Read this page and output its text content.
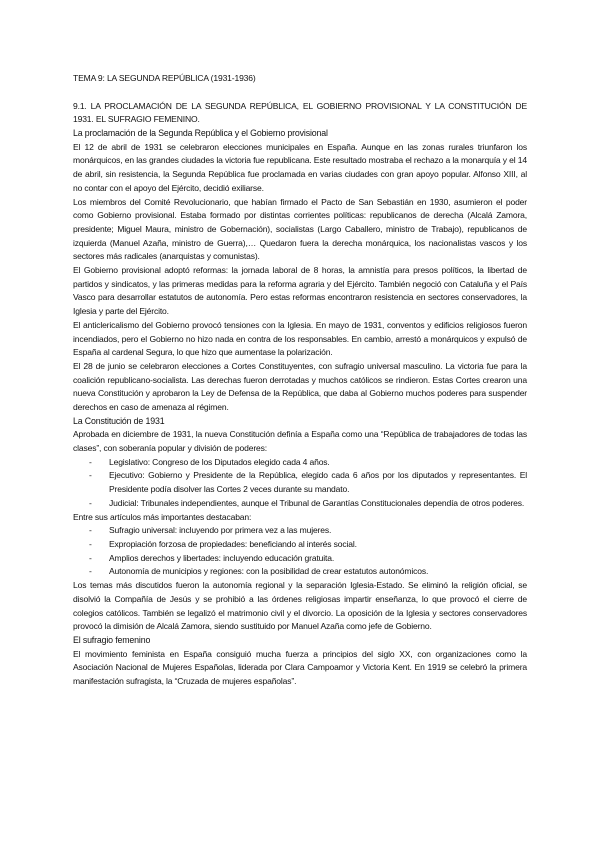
TEMA 9: LA SEGUNDA REPÚBLICA (1931-1936)

9.1. LA PROCLAMACIÓN DE LA SEGUNDA REPÚBLICA, EL GOBIERNO PROVISIONAL Y LA CONSTITUCIÓN DE 1931. EL SUFRAGIO FEMENINO.

La proclamación de la Segunda República y el Gobierno provisional

El 12 de abril de 1931 se celebraron elecciones municipales en España. Aunque en las zonas rurales triunfaron los monárquicos, en las grandes ciudades la victoria fue republicana. Este resultado mostraba el rechazo a la monarquía y el 14 de abril, sin resistencia, la Segunda República fue proclamada en varias ciudades con gran apoyo popular. Alfonso XIII, al no contar con el apoyo del Ejército, decidió exiliarse.

Los miembros del Comité Revolucionario, que habían firmado el Pacto de San Sebastián en 1930, asumieron el poder como Gobierno provisional. Estaba formado por distintas corrientes políticas: republicanos de derecha (Alcalá Zamora, presidente; Miguel Maura, ministro de Gobernación), socialistas (Largo Caballero, ministro de Trabajo), republicanos de izquierda (Manuel Azaña, ministro de Guerra),… Quedaron fuera la derecha monárquica, los nacionalistas vascos y los sectores más radicales (anarquistas y comunistas).

El Gobierno provisional adoptó reformas: la jornada laboral de 8 horas, la amnistía para presos políticos, la libertad de partidos y sindicatos, y las primeras medidas para la reforma agraria y del Ejército. También negoció con Cataluña y el País Vasco para desarrollar estatutos de autonomía. Pero estas reformas encontraron resistencia en sectores conservadores, la Iglesia y parte del Ejército.

El anticlericalismo del Gobierno provocó tensiones con la Iglesia. En mayo de 1931, conventos y edificios religiosos fueron incendiados, pero el Gobierno no hizo nada en contra de los responsables. En cambio, arrestó a monárquicos y expulsó de España al cardenal Segura, lo que hizo que aumentase la polarización.

El 28 de junio se celebraron elecciones a Cortes Constituyentes, con sufragio universal masculino. La victoria fue para la coalición republicano-socialista. Las derechas fueron derrotadas y muchos católicos se rindieron. Estas Cortes crearon una nueva Constitución y aprobaron la Ley de Defensa de la República, que daba al Gobierno muchos poderes para suspender derechos en caso de amenaza al régimen.

La Constitución de 1931

Aprobada en diciembre de 1931, la nueva Constitución definía a España como una “República de trabajadores de todas las clases”, con soberanía popular y división de poderes:

- Legislativo: Congreso de los Diputados elegido cada 4 años.
- Ejecutivo: Gobierno y Presidente de la República, elegido cada 6 años por los diputados y representantes. El Presidente podía disolver las Cortes 2 veces durante su mandato.
- Judicial: Tribunales independientes, aunque el Tribunal de Garantías Constitucionales dependía de otros poderes.

Entre sus artículos más importantes destacaban:

- Sufragio universal: incluyendo por primera vez a las mujeres.
- Expropiación forzosa de propiedades: beneficiando al interés social.
- Amplios derechos y libertades: incluyendo educación gratuita.
- Autonomía de municipios y regiones: con la posibilidad de crear estatutos autonómicos.

Los temas más discutidos fueron la autonomía regional y la separación Iglesia-Estado. Se eliminó la religión oficial, se disolvió la Compañía de Jesús y se prohibió a las órdenes religiosas impartir enseñanza, lo que provocó el cierre de colegios católicos. También se legalizó el matrimonio civil y el divorcio. La oposición de la Iglesia y sectores conservadores provocó la dimisión de Alcalá Zamora, siendo sustituido por Manuel Azaña como jefe de Gobierno.

El sufragio femenino

El movimiento feminista en España consiguió mucha fuerza a principios del siglo XX, con organizaciones como la Asociación Nacional de Mujeres Españolas, liderada por Clara Campoamor y Victoria Kent. En 1919 se celebró la primera manifestación sufragista, la “Cruzada de mujeres españolas”.
